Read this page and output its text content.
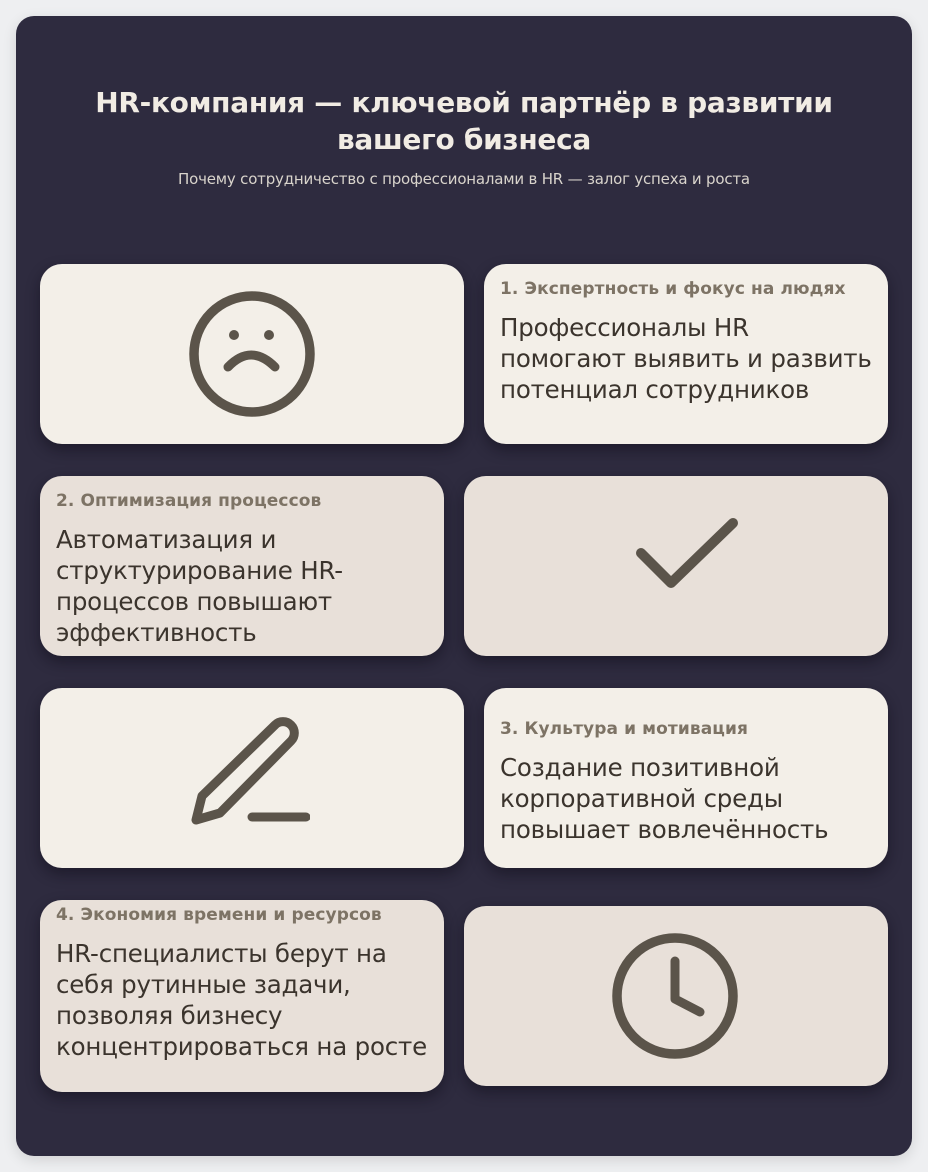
HR-компания — ключевой партнёр в развитии вашего бизнеса

Почему сотрудничество с профессионалами в HR — залог успеха и роста

1. Экспертность и фокус на людях
Профессионалы HR помогают выявить и развить потенциал сотрудников
2. Оптимизация процессов
Автоматизация и структурирование HR-процессов повышают эффективность
3. Культура и мотивация
Создание позитивной корпоративной среды повышает вовлечённость
4. Экономия времени и ресурсов
HR-специалисты берут на себя рутинные задачи, позволяя бизнесу концентрироваться на росте
